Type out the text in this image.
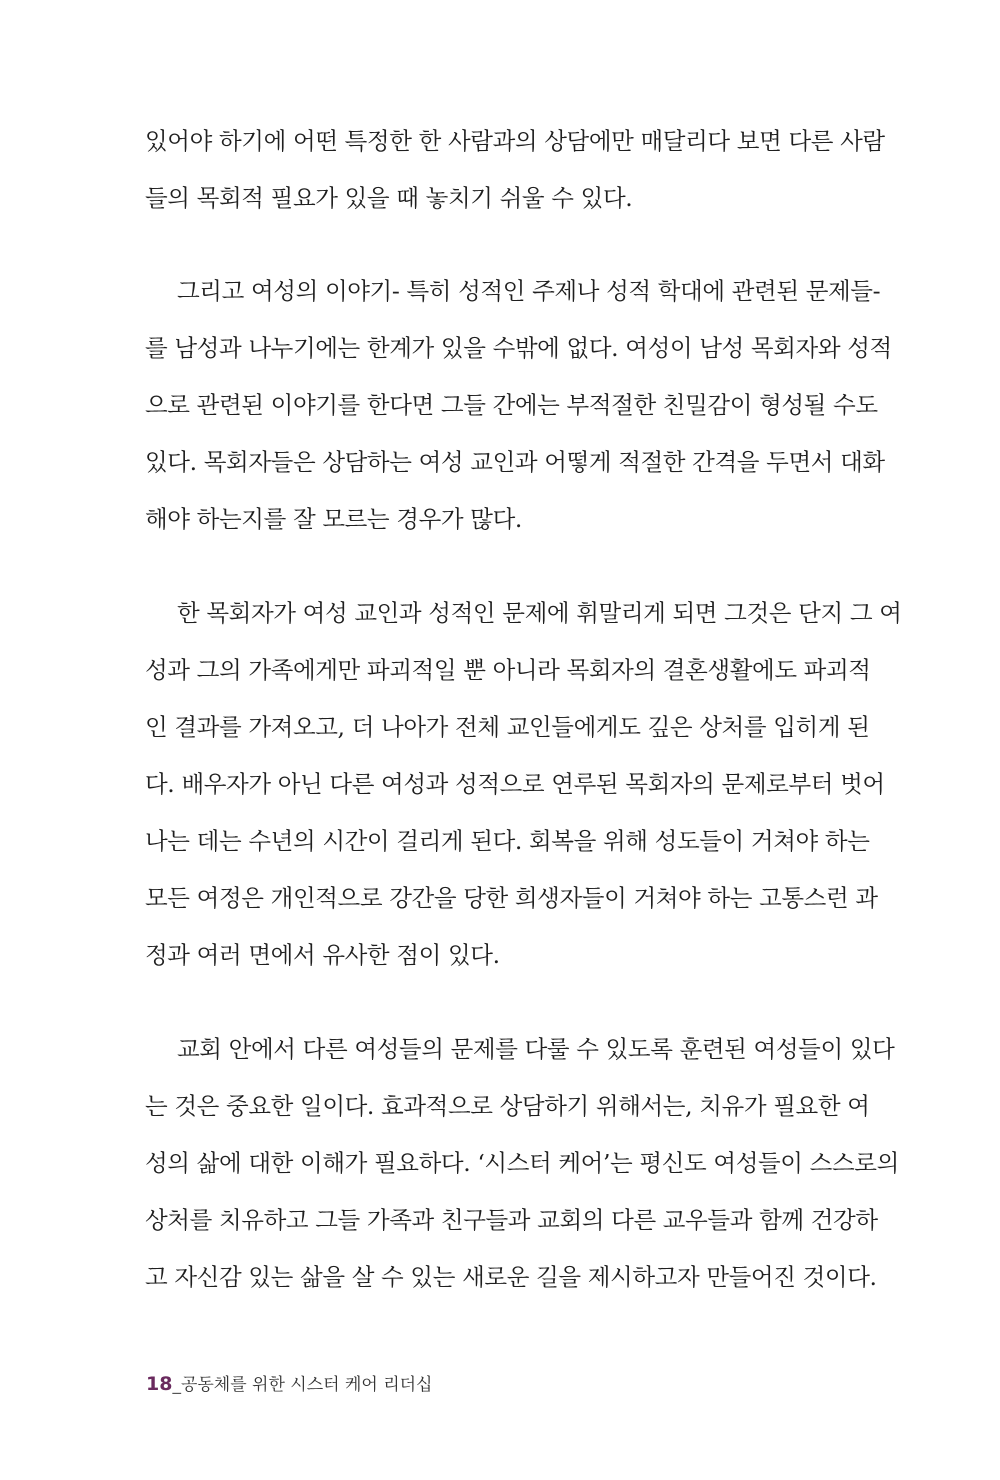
있어야 하기에 어떤 특정한 한 사람과의 상담에만 매달리다 보면 다른 사람
들의 목회적 필요가 있을 때 놓치기 쉬울 수 있다.
그리고 여성의 이야기- 특히 성적인 주제나 성적 학대에 관련된 문제들-
를 남성과 나누기에는 한계가 있을 수밖에 없다. 여성이 남성 목회자와 성적
으로 관련된 이야기를 한다면 그들 간에는 부적절한 친밀감이 형성될 수도
있다. 목회자들은 상담하는 여성 교인과 어떻게 적절한 간격을 두면서 대화
해야 하는지를 잘 모르는 경우가 많다.
한 목회자가 여성 교인과 성적인 문제에 휘말리게 되면 그것은 단지 그 여
성과 그의 가족에게만 파괴적일 뿐 아니라 목회자의 결혼생활에도 파괴적
인 결과를 가져오고, 더 나아가 전체 교인들에게도 깊은 상처를 입히게 된
다. 배우자가 아닌 다른 여성과 성적으로 연루된 목회자의 문제로부터 벗어
나는 데는 수년의 시간이 걸리게 된다. 회복을 위해 성도들이 거쳐야 하는
모든 여정은 개인적으로 강간을 당한 희생자들이 거쳐야 하는 고통스런 과
정과 여러 면에서 유사한 점이 있다.
교회 안에서 다른 여성들의 문제를 다룰 수 있도록 훈련된 여성들이 있다
는 것은 중요한 일이다. 효과적으로 상담하기 위해서는, 치유가 필요한 여
성의 삶에 대한 이해가 필요하다. ‘시스터 케어’는 평신도 여성들이 스스로의
상처를 치유하고 그들 가족과 친구들과 교회의 다른 교우들과 함께 건강하
고 자신감 있는 삶을 살 수 있는 새로운 길을 제시하고자 만들어진 것이다.
18_공동체를 위한 시스터 케어 리더십
